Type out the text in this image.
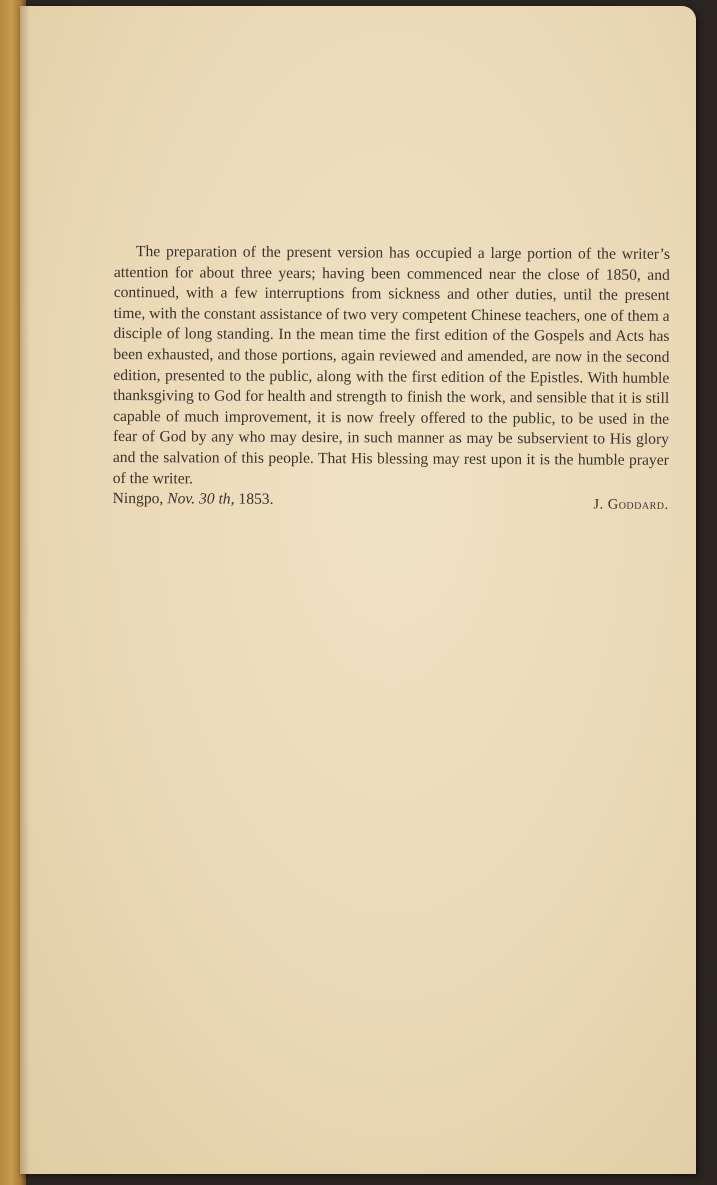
The preparation of the present version has occupied a large portion of the writer’s attention for about three years; having been commenced near the close of 1850, and continued, with a few interruptions from sickness and other duties, until the present time, with the constant assistance of two very competent Chinese teachers, one of them a disciple of long standing. In the mean time the first edition of the Gospels and Acts has been exhausted, and those portions, again reviewed and amended, are now in the second edition, presented to the public, along with the first edition of the Epistles. With humble thanksgiving to God for health and strength to finish the work, and sensible that it is still capable of much improvement, it is now freely offered to the public, to be used in the fear of God by any who may desire, in such manner as may be subservient to His glory and the salvation of this people. That His blessing may rest upon it is the humble prayer of the writer.

Ningpo, Nov. 30 th, 1853.	J. Goddard.
